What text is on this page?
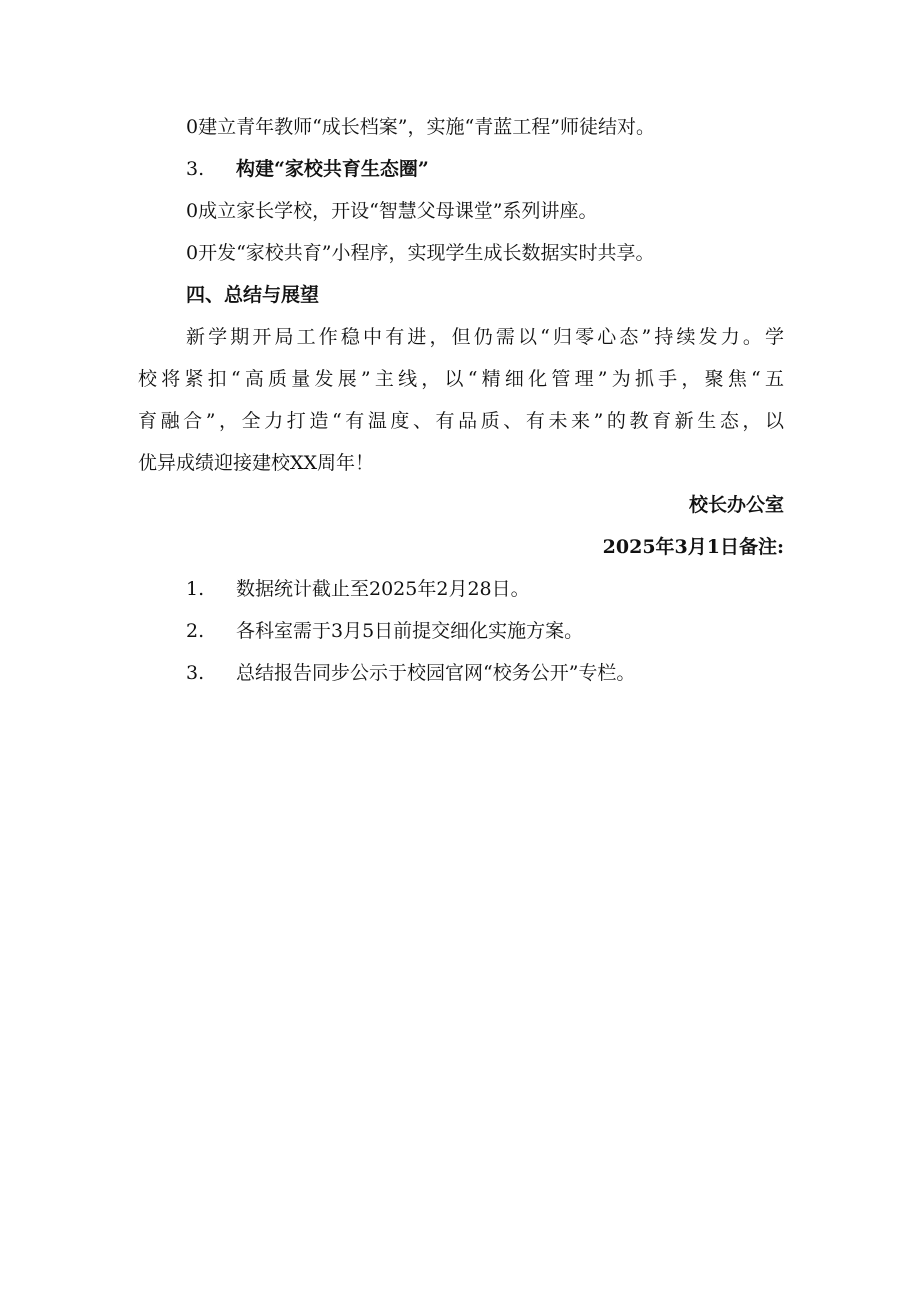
0建立青年教师“成长档案”，实施“青蓝工程”师徒结对。
3. 构建“家校共育生态圈”
0成立家长学校，开设“智慧父母课堂”系列讲座。
0开发“家校共育”小程序，实现学生成长数据实时共享。
四、总结与展望
新学期开局工作稳中有进，但仍需以“归零心态”持续发力。学
校将紧扣“高质量发展”主线，以“精细化管理”为抓手，聚焦“五
育融合”，全力打造“有温度、有品质、有未来”的教育新生态，以
优异成绩迎接建校XX周年！
校长办公室
2025年3月1日备注:
1. 数据统计截止至2025年2月28日。
2. 各科室需于3月5日前提交细化实施方案。
3. 总结报告同步公示于校园官网“校务公开”专栏。
